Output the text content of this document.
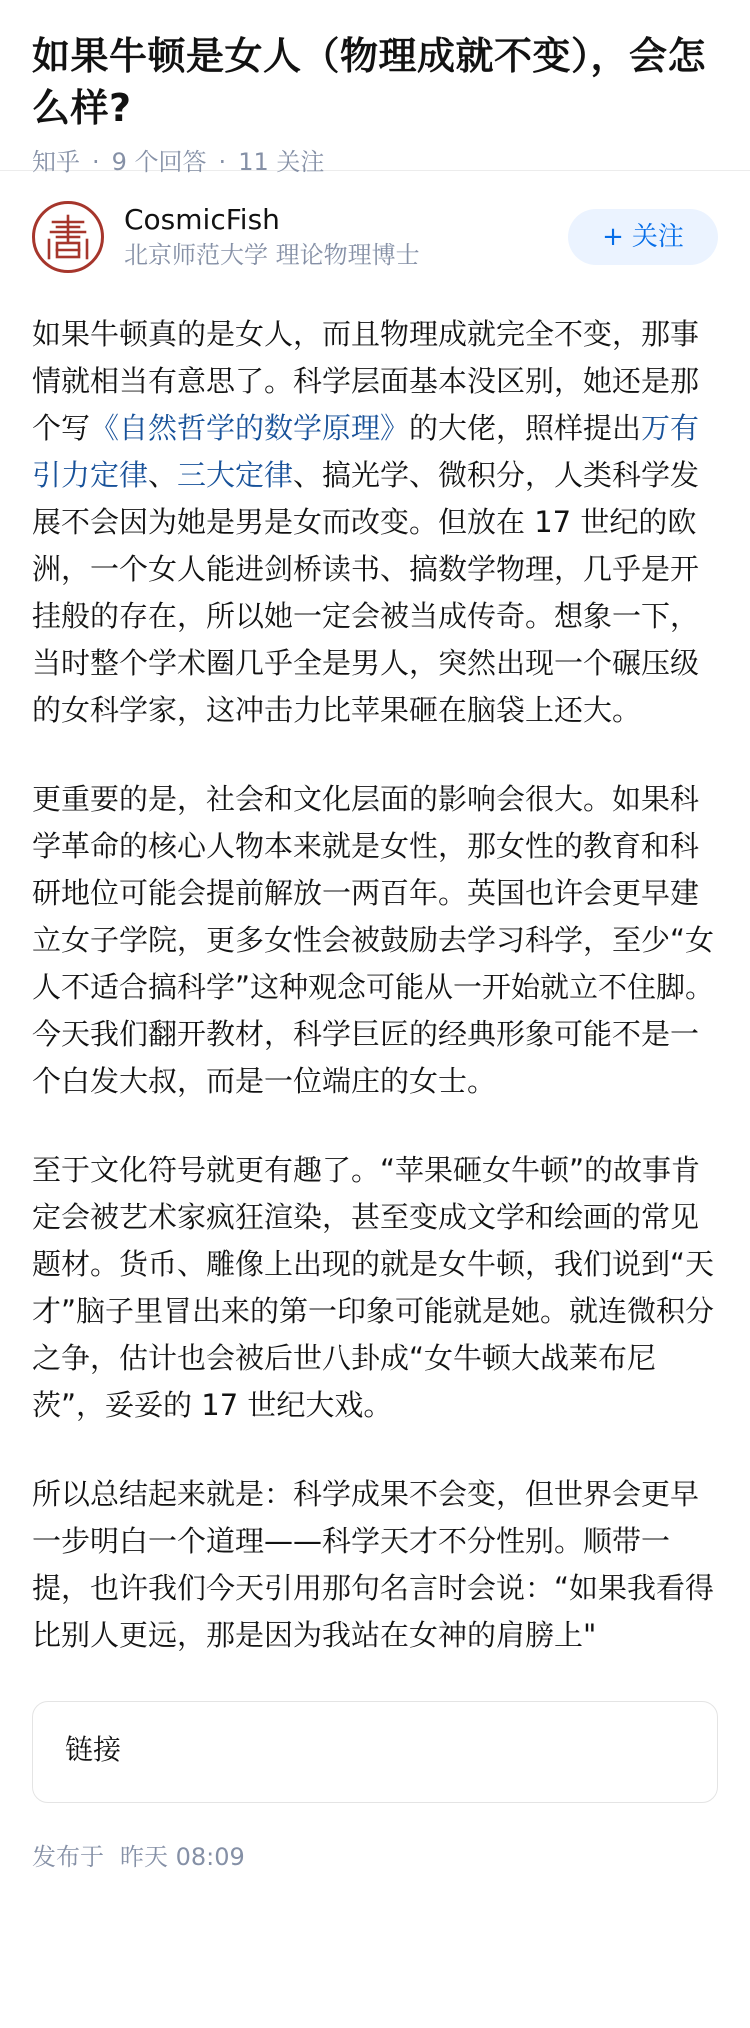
如果牛顿是女人（物理成就不变），会怎么样?
知乎 · 9 个回答 · 11 关注
CosmicFish
北京师范大学 理论物理博士
+ 关注

如果牛顿真的是女人，而且物理成就完全不变，那事情就相当有意思了。科学层面基本没区别，她还是那个写《自然哲学的数学原理》的大佬，照样提出万有引力定律、三大定律、搞光学、微积分，人类科学发展不会因为她是男是女而改变。但放在 17 世纪的欧洲，一个女人能进剑桥读书、搞数学物理，几乎是开挂般的存在，所以她一定会被当成传奇。想象一下，当时整个学术圈几乎全是男人，突然出现一个碾压级的女科学家，这冲击力比苹果砸在脑袋上还大。

更重要的是，社会和文化层面的影响会很大。如果科学革命的核心人物本来就是女性，那女性的教育和科研地位可能会提前解放一两百年。英国也许会更早建立女子学院，更多女性会被鼓励去学习科学，至少“女人不适合搞科学”这种观念可能从一开始就立不住脚。今天我们翻开教材，科学巨匠的经典形象可能不是一个白发大叔，而是一位端庄的女士。

至于文化符号就更有趣了。“苹果砸女牛顿”的故事肯定会被艺术家疯狂渲染，甚至变成文学和绘画的常见题材。货币、雕像上出现的就是女牛顿，我们说到“天才”脑子里冒出来的第一印象可能就是她。就连微积分之争，估计也会被后世八卦成“女牛顿大战莱布尼茨”，妥妥的 17 世纪大戏。

所以总结起来就是：科学成果不会变，但世界会更早一步明白一个道理——科学天才不分性别。顺带一提，也许我们今天引用那句名言时会说：“如果我看得比别人更远，那是因为我站在女神的肩膀上"

链接
发布于 昨天 08:09
